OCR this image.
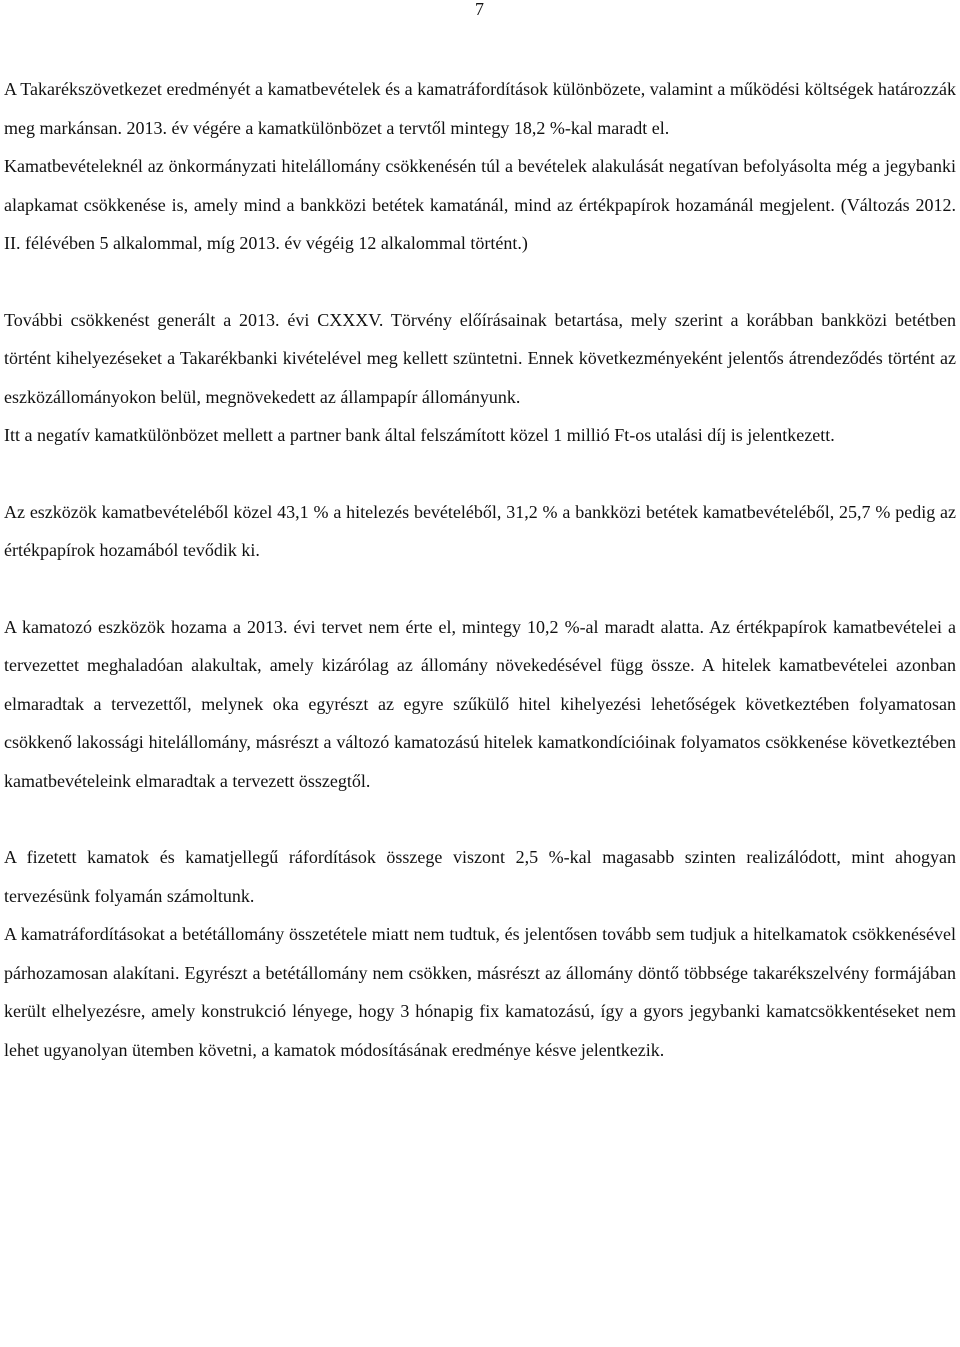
7

A Takarékszövetkezet eredményét a kamatbevételek és a kamatráfordítások különbözete, valamint a működési költségek határozzák meg markánsan. 2013. év végére a kamatkülönbözet a tervtől mintegy 18,2 %-kal maradt el.

Kamatbevételeknél az önkormányzati hitelállomány csökkenésén túl a bevételek alakulását negatívan befolyásolta még a jegybanki alapkamat csökkenése is, amely mind a bankközi betétek kamatánál, mind az értékpapírok hozamánál megjelent. (Változás 2012. II. félévében 5 alkalommal, míg 2013. év végéig 12 alkalommal történt.)

További csökkenést generált a 2013. évi CXXXV. Törvény előírásainak betartása, mely szerint a korábban bankközi betétben történt kihelyezéseket a Takarékbanki kivételével meg kellett szüntetni. Ennek következményeként jelentős átrendeződés történt az eszközállományokon belül, megnövekedett az állampapír állományunk.

Itt a negatív kamatkülönbözet mellett a partner bank által felszámított közel 1 millió Ft-os utalási díj is jelentkezett.

Az eszközök kamatbevételéből közel 43,1 % a hitelezés bevételéből, 31,2 % a bankközi betétek kamatbevételéből, 25,7 % pedig az értékpapírok hozamából tevődik ki.

A kamatozó eszközök hozama a 2013. évi tervet nem érte el, mintegy 10,2 %-al maradt alatta. Az értékpapírok kamatbevételei a tervezettet meghaladóan alakultak, amely kizárólag az állomány növekedésével függ össze. A hitelek kamatbevételei azonban elmaradtak a tervezettől, melynek oka egyrészt az egyre szűkülő hitel kihelyezési lehetőségek következtében folyamatosan csökkenő lakossági hitelállomány, másrészt a változó kamatozású hitelek kamatkondícióinak folyamatos csökkenése következtében kamatbevételeink elmaradtak a tervezett összegtől.

A fizetett kamatok és kamatjellegű ráfordítások összege viszont 2,5 %-kal magasabb szinten realizálódott, mint ahogyan tervezésünk folyamán számoltunk.

A kamatráfordításokat a betétállomány összetétele miatt nem tudtuk, és jelentősen tovább sem tudjuk a hitelkamatok csökkenésével párhozamosan alakítani. Egyrészt a betétállomány nem csökken, másrészt az állomány döntő többsége takarékszelvény formájában került elhelyezésre, amely konstrukció lényege, hogy 3 hónapig fix kamatozású, így a gyors jegybanki kamatcsökkentéseket nem lehet ugyanolyan ütemben követni, a kamatok módosításának eredménye késve jelentkezik.
